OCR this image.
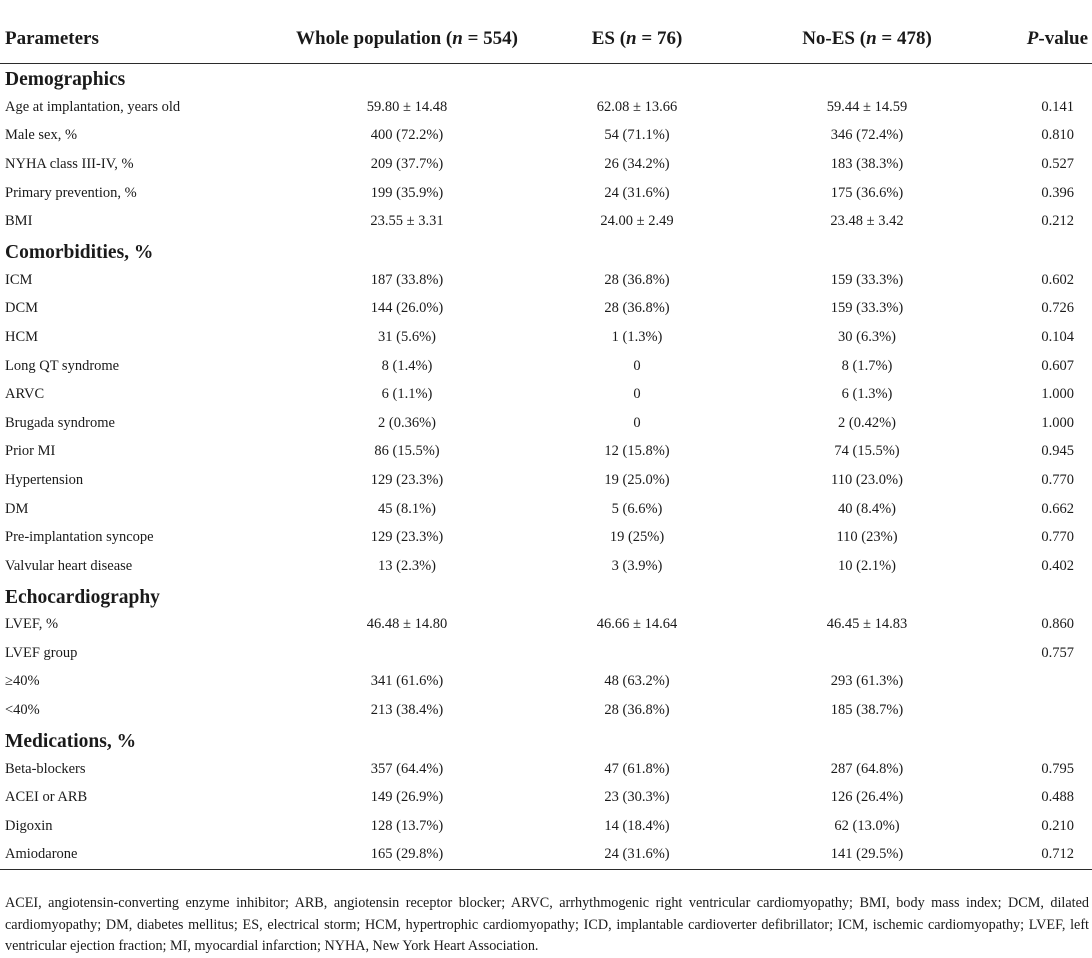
Parameters	Whole population (n = 554)	ES (n = 76)	No-ES (n = 478)	P-value
Demographics				
Age at implantation, years old	59.80 ± 14.48	62.08 ± 13.66	59.44 ± 14.59	0.141
Male sex, %	400 (72.2%)	54 (71.1%)	346 (72.4%)	0.810
NYHA class III-IV, %	209 (37.7%)	26 (34.2%)	183 (38.3%)	0.527
Primary prevention, %	199 (35.9%)	24 (31.6%)	175 (36.6%)	0.396
BMI	23.55 ± 3.31	24.00 ± 2.49	23.48 ± 3.42	0.212
Comorbidities, %				
ICM	187 (33.8%)	28 (36.8%)	159 (33.3%)	0.602
DCM	144 (26.0%)	28 (36.8%)	159 (33.3%)	0.726
HCM	31 (5.6%)	1 (1.3%)	30 (6.3%)	0.104
Long QT syndrome	8 (1.4%)	0	8 (1.7%)	0.607
ARVC	6 (1.1%)	0	6 (1.3%)	1.000
Brugada syndrome	2 (0.36%)	0	2 (0.42%)	1.000
Prior MI	86 (15.5%)	12 (15.8%)	74 (15.5%)	0.945
Hypertension	129 (23.3%)	19 (25.0%)	110 (23.0%)	0.770
DM	45 (8.1%)	5 (6.6%)	40 (8.4%)	0.662
Pre-implantation syncope	129 (23.3%)	19 (25%)	110 (23%)	0.770
Valvular heart disease	13 (2.3%)	3 (3.9%)	10 (2.1%)	0.402
Echocardiography				
LVEF, %	46.48 ± 14.80	46.66 ± 14.64	46.45 ± 14.83	0.860
LVEF group				0.757
≥40%	341 (61.6%)	48 (63.2%)	293 (61.3%)	
<40%	213 (38.4%)	28 (36.8%)	185 (38.7%)	
Medications, %				
Beta-blockers	357 (64.4%)	47 (61.8%)	287 (64.8%)	0.795
ACEI or ARB	149 (26.9%)	23 (30.3%)	126 (26.4%)	0.488
Digoxin	128 (13.7%)	14 (18.4%)	62 (13.0%)	0.210
Amiodarone	165 (29.8%)	24 (31.6%)	141 (29.5%)	0.712
ACEI, angiotensin-converting enzyme inhibitor; ARB, angiotensin receptor blocker; ARVC, arrhythmogenic right ventricular cardiomyopathy; BMI, body mass index; DCM, dilated cardiomyopathy; DM, diabetes mellitus; ES, electrical storm; HCM, hypertrophic cardiomyopathy; ICD, implantable cardioverter defibrillator; ICM, ischemic cardiomyopathy; LVEF, left ventricular ejection fraction; MI, myocardial infarction; NYHA, New York Heart Association.
